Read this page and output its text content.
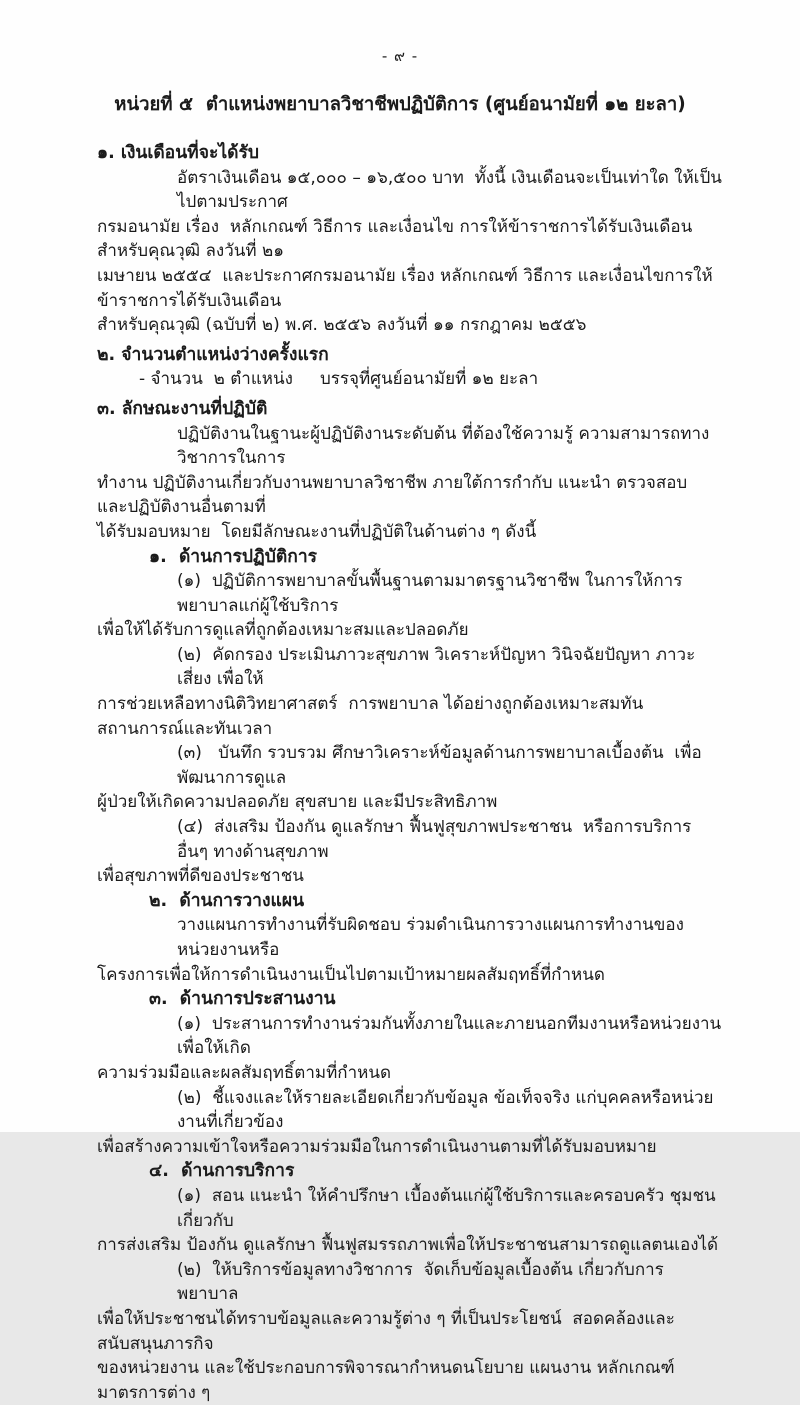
- ๙ -
หน่วยที่ ๕  ตำแหน่งพยาบาลวิชาชีพปฏิบัติการ (ศูนย์อนามัยที่ ๑๒ ยะลา)
๑. เงินเดือนที่จะได้รับ
อัตราเงินเดือน ๑๕,๐๐๐ – ๑๖,๕๐๐ บาท  ทั้งนี้ เงินเดือนจะเป็นเท่าใด ให้เป็นไปตามประกาศ
กรมอนามัย เรื่อง  หลักเกณฑ์ วิธีการ และเงื่อนไข การให้ข้าราชการได้รับเงินเดือนสำหรับคุณวุฒิ ลงวันที่ ๒๑
เมษายน ๒๕๕๔  และประกาศกรมอนามัย เรื่อง หลักเกณฑ์ วิธีการ และเงื่อนไขการให้ข้าราชการได้รับเงินเดือน
สำหรับคุณวุฒิ (ฉบับที่ ๒) พ.ศ. ๒๕๕๖ ลงวันที่ ๑๑ กรกฎาคม ๒๕๕๖
๒. จำนวนตำแหน่งว่างครั้งแรก
- จำนวน  ๒ ตำแหน่ง     บรรจุที่ศูนย์อนามัยที่ ๑๒ ยะลา
๓. ลักษณะงานที่ปฏิบัติ
ปฏิบัติงานในฐานะผู้ปฏิบัติงานระดับต้น ที่ต้องใช้ความรู้ ความสามารถทางวิชาการในการ
ทำงาน ปฏิบัติงานเกี่ยวกับงานพยาบาลวิชาชีพ ภายใต้การกำกับ แนะนำ ตรวจสอบ และปฏิบัติงานอื่นตามที่
ได้รับมอบหมาย  โดยมีลักษณะงานที่ปฏิบัติในด้านต่าง ๆ ดังนี้
๑.  ด้านการปฏิบัติการ
(๑)  ปฏิบัติการพยาบาลขั้นพื้นฐานตามมาตรฐานวิชาชีพ ในการให้การพยาบาลแก่ผู้ใช้บริการ
เพื่อให้ได้รับการดูแลที่ถูกต้องเหมาะสมและปลอดภัย
(๒)  คัดกรอง ประเมินภาวะสุขภาพ วิเคราะห์ปัญหา วินิจฉัยปัญหา ภาวะเสี่ยง เพื่อให้
การช่วยเหลือทางนิติวิทยาศาสตร์  การพยาบาล ได้อย่างถูกต้องเหมาะสมทันสถานการณ์และทันเวลา
(๓)   บันทึก รวบรวม ศึกษาวิเคราะห์ข้อมูลด้านการพยาบาลเบื้องต้น  เพื่อพัฒนาการดูแล
ผู้ป่วยให้เกิดความปลอดภัย สุขสบาย และมีประสิทธิภาพ
(๔)  ส่งเสริม ป้องกัน ดูแลรักษา ฟื้นฟูสุขภาพประชาชน  หรือการบริการอื่นๆ ทางด้านสุขภาพ
เพื่อสุขภาพที่ดีของประชาชน
๒.  ด้านการวางแผน
วางแผนการทำงานที่รับผิดชอบ ร่วมดำเนินการวางแผนการทำงานของหน่วยงานหรือ
โครงการเพื่อให้การดำเนินงานเป็นไปตามเป้าหมายผลสัมฤทธิ์ที่กำหนด
๓.  ด้านการประสานงาน
(๑)  ประสานการทำงานร่วมกันทั้งภายในและภายนอกทีมงานหรือหน่วยงาน เพื่อให้เกิด
ความร่วมมือและผลสัมฤทธิ์ตามที่กำหนด
(๒)  ชี้แจงและให้รายละเอียดเกี่ยวกับข้อมูล ข้อเท็จจริง แก่บุคคลหรือหน่วยงานที่เกี่ยวข้อง
เพื่อสร้างความเข้าใจหรือความร่วมมือในการดำเนินงานตามที่ได้รับมอบหมาย
๔.  ด้านการบริการ
(๑)  สอน แนะนำ ให้คำปรึกษา เบื้องต้นแก่ผู้ใช้บริการและครอบครัว ชุมชน เกี่ยวกับ
การส่งเสริม ป้องกัน ดูแลรักษา ฟื้นฟูสมรรถภาพเพื่อให้ประชาชนสามารถดูแลตนเองได้
(๒)  ให้บริการข้อมูลทางวิชาการ  จัดเก็บข้อมูลเบื้องต้น เกี่ยวกับการพยาบาล
เพื่อให้ประชาชนได้ทราบข้อมูลและความรู้ต่าง ๆ ที่เป็นประโยชน์  สอดคล้องและสนับสนุนภารกิจ
ของหน่วยงาน และใช้ประกอบการพิจารณากำหนดนโยบาย แผนงาน หลักเกณฑ์ มาตรการต่าง ๆ
